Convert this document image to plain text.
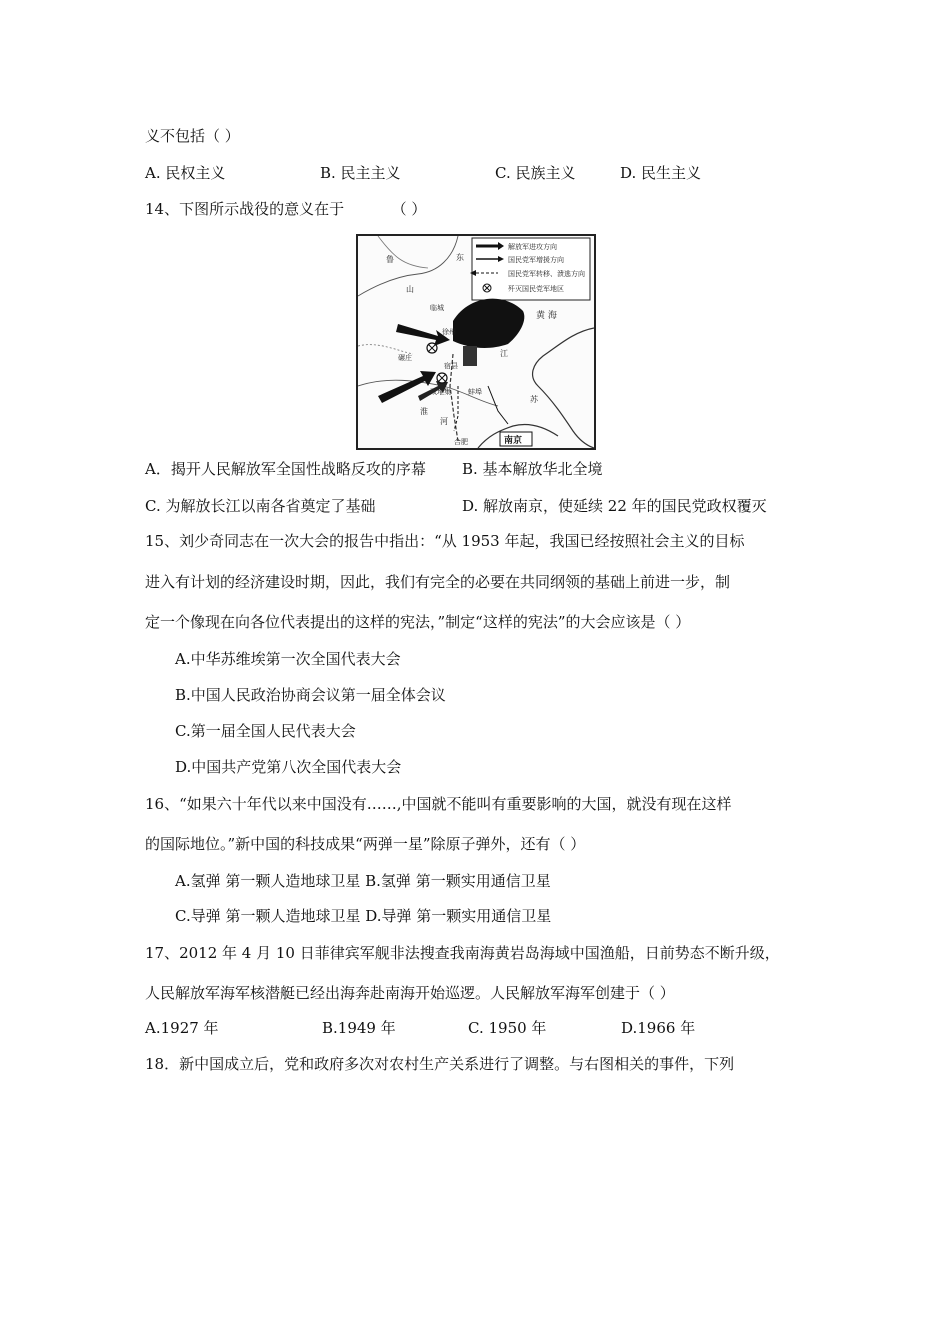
义不包括（ ）
A. 民权主义	B. 民主主义	C. 民族主义	D. 民生主义
14、下图所示战役的意义在于	（ ）
解放军进攻方向
国民党军增援方向
国民党军转移、溃逃方向
歼灭国民党军地区
鲁
山
东
临城
徐州
碾庄
黄 海
江
宿县
双堆集 蚌埠
淮
河
苏
合肥	南京
A．揭开人民解放军全国性战略反攻的序幕 B. 基本解放华北全境
C. 为解放长江以南各省奠定了基础	D. 解放南京，使延续 22 年的国民党政权覆灭
15、刘少奇同志在一次大会的报告中指出：“从 1953 年起，我国已经按照社会主义的目标
进入有计划的经济建设时期，因此，我们有完全的必要在共同纲领的基础上前进一步，制
定一个像现在向各位代表提出的这样的宪法，”制定“这样的宪法”的大会应该是（ ）
A.中华苏维埃第一次全国代表大会
B.中国人民政治协商会议第一届全体会议
C.第一届全国人民代表大会
D.中国共产党第八次全国代表大会
16、“如果六十年代以来中国没有……,中国就不能叫有重要影响的大国，就没有现在这样
的国际地位。”新中国的科技成果“两弹一星”除原子弹外，还有（ ）
A.氢弹 第一颗人造地球卫星 B.氢弹 第一颗实用通信卫星
C.导弹 第一颗人造地球卫星 D.导弹 第一颗实用通信卫星
17、2012 年 4 月 10 日菲律宾军舰非法搜查我南海黄岩岛海域中国渔船，日前势态不断升级，
人民解放军海军核潜艇已经出海奔赴南海开始巡逻。人民解放军海军创建于（ ）
A.1927 年	B.1949 年	C. 1950 年	D.1966 年
18．新中国成立后，党和政府多次对农村生产关系进行了调整。与右图相关的事件，下列
